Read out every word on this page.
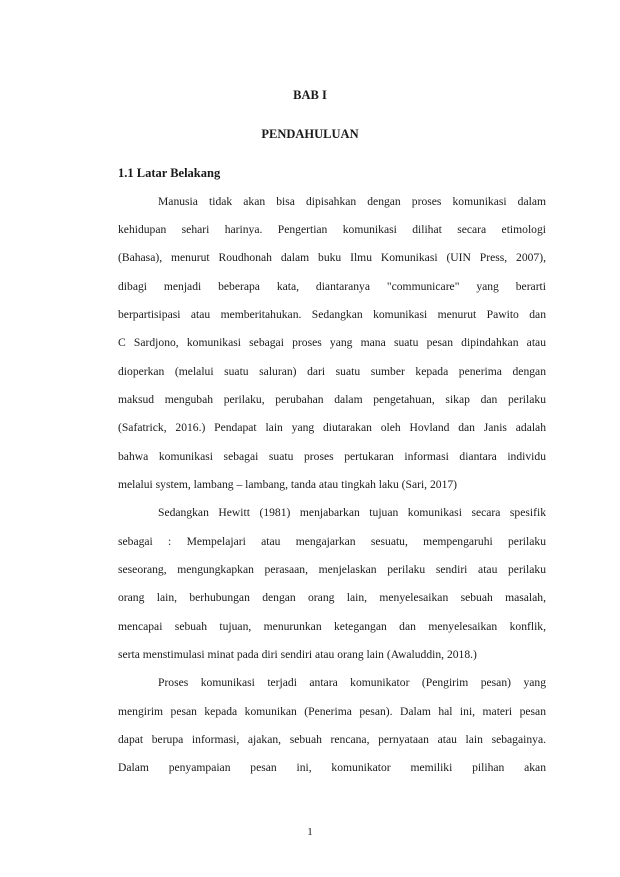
BAB I

PENDAHULUAN

1.1 Latar Belakang

Manusia tidak akan bisa dipisahkan dengan proses komunikasi dalam

kehidupan sehari harinya. Pengertian komunikasi dilihat secara etimologi

(Bahasa), menurut Roudhonah dalam buku Ilmu Komunikasi (UIN Press, 2007),

dibagi menjadi beberapa kata, diantaranya "communicare" yang berarti

berpartisipasi atau memberitahukan. Sedangkan komunikasi menurut Pawito dan

C Sardjono, komunikasi sebagai proses yang mana suatu pesan dipindahkan atau

dioperkan (melalui suatu saluran) dari suatu sumber kepada penerima dengan

maksud mengubah perilaku, perubahan dalam pengetahuan, sikap dan perilaku

(Safatrick, 2016.) Pendapat lain yang diutarakan oleh Hovland dan Janis adalah

bahwa komunikasi sebagai suatu proses pertukaran informasi diantara individu

melalui system, lambang – lambang, tanda atau tingkah laku (Sari, 2017)

Sedangkan Hewitt (1981) menjabarkan tujuan komunikasi secara spesifik

sebagai : Mempelajari atau mengajarkan sesuatu, mempengaruhi perilaku

seseorang, mengungkapkan perasaan, menjelaskan perilaku sendiri atau perilaku

orang lain, berhubungan dengan orang lain, menyelesaikan sebuah masalah,

mencapai sebuah tujuan, menurunkan ketegangan dan menyelesaikan konflik,

serta menstimulasi minat pada diri sendiri atau orang lain (Awaluddin, 2018.)

Proses komunikasi terjadi antara komunikator (Pengirim pesan) yang

mengirim pesan kepada komunikan (Penerima pesan). Dalam hal ini, materi pesan

dapat berupa informasi, ajakan, sebuah rencana, pernyataan atau lain sebagainya.

Dalam penyampaian pesan ini, komunikator memiliki pilihan akan

1
